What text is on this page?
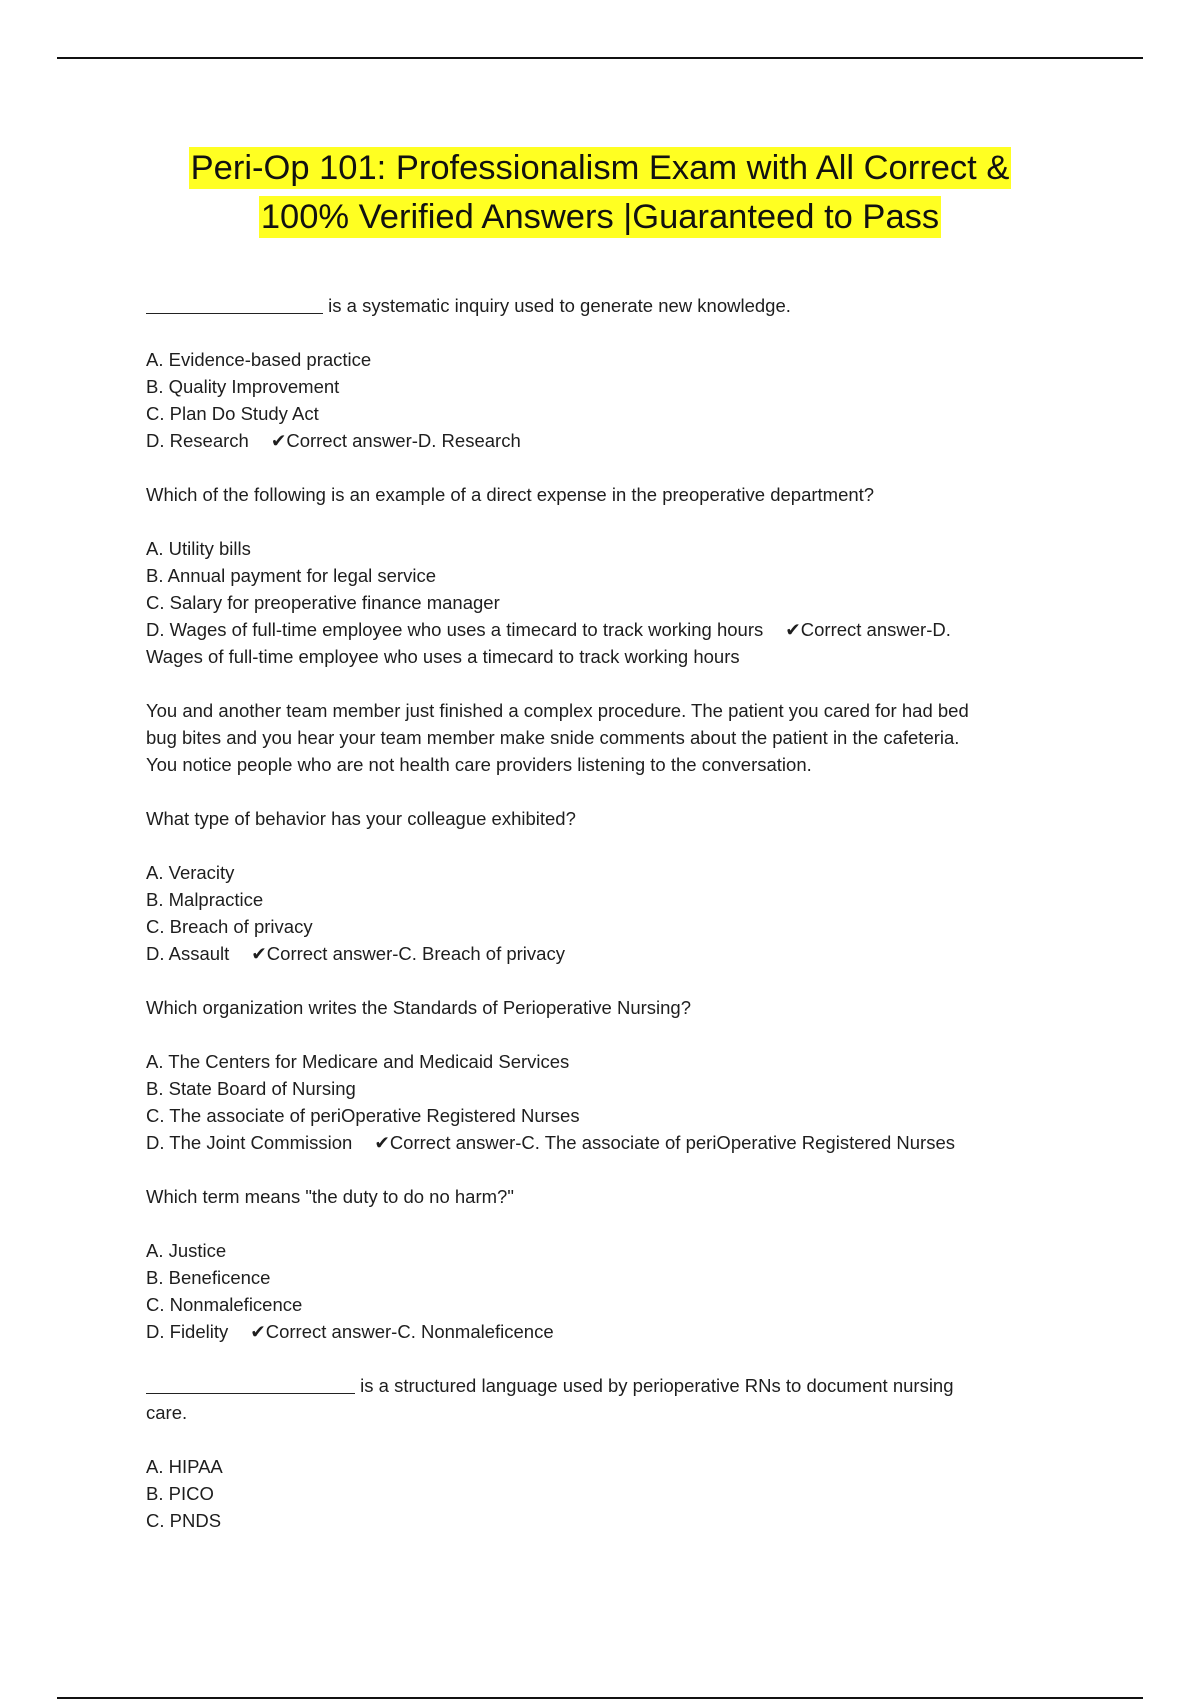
Peri-Op 101: Professionalism Exam with All Correct &
100% Verified Answers |Guaranteed to Pass
is a systematic inquiry used to generate new knowledge.
A. Evidence-based practice
B. Quality Improvement
C. Plan Do Study Act
D. Research ✔Correct answer-D. Research
Which of the following is an example of a direct expense in the preoperative department?
A. Utility bills
B. Annual payment for legal service
C. Salary for preoperative finance manager
D. Wages of full-time employee who uses a timecard to track working hours ✔Correct answer-D.
Wages of full-time employee who uses a timecard to track working hours
You and another team member just finished a complex procedure. The patient you cared for had bed
bug bites and you hear your team member make snide comments about the patient in the cafeteria.
You notice people who are not health care providers listening to the conversation.
What type of behavior has your colleague exhibited?
A. Veracity
B. Malpractice
C. Breach of privacy
D. Assault ✔Correct answer-C. Breach of privacy
Which organization writes the Standards of Perioperative Nursing?
A. The Centers for Medicare and Medicaid Services
B. State Board of Nursing
C. The associate of periOperative Registered Nurses
D. The Joint Commission ✔Correct answer-C. The associate of periOperative Registered Nurses
Which term means "the duty to do no harm?"
A. Justice
B. Beneficence
C. Nonmaleficence
D. Fidelity ✔Correct answer-C. Nonmaleficence
is a structured language used by perioperative RNs to document nursing
care.
A. HIPAA
B. PICO
C. PNDS
